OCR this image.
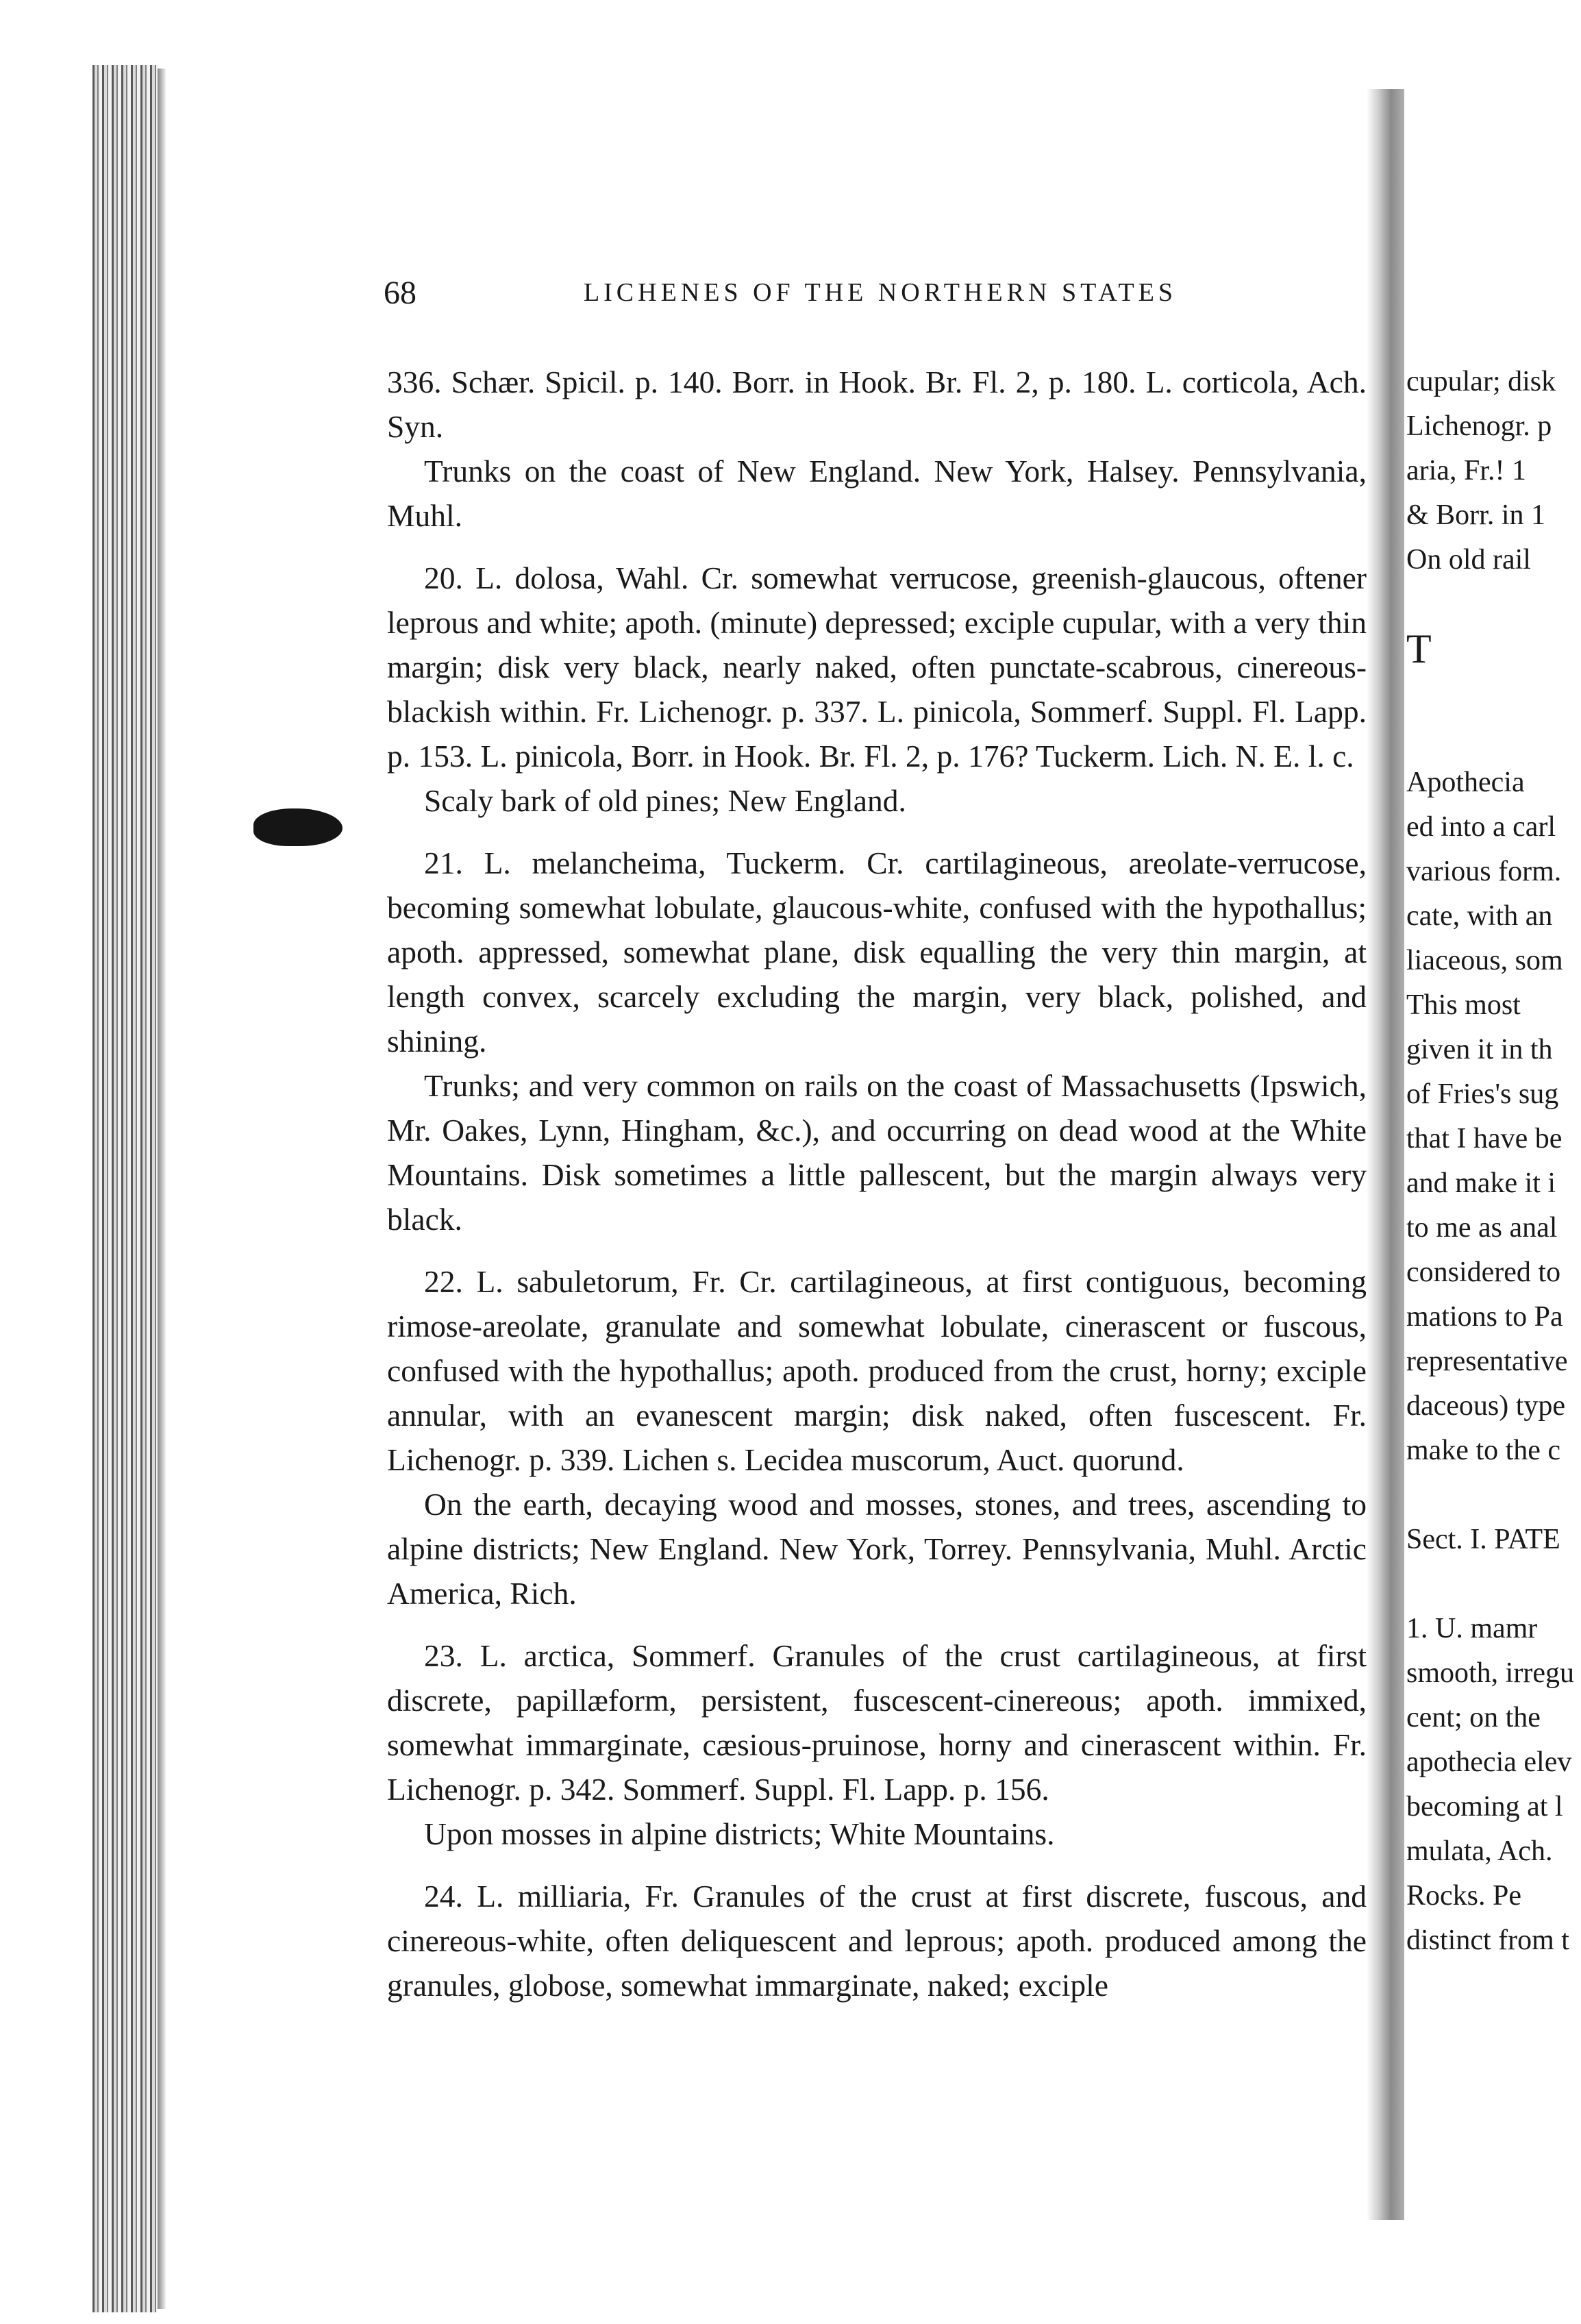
68	LICHENES OF THE NORTHERN STATES

336. Schær. Spicil. p. 140. Borr. in Hook. Br. Fl. 2, p. 180. L. corticola, Ach. Syn.

Trunks on the coast of New England. New York, Halsey. Pennsylvania, Muhl.

20. L. dolosa, Wahl. Cr. somewhat verrucose, greenish-glaucous, oftener leprous and white; apoth. (minute) depressed; exciple cupular, with a very thin margin; disk very black, nearly naked, often punctate-scabrous, cinereous-blackish within. Fr. Lichenogr. p. 337. L. pinicola, Sommerf. Suppl. Fl. Lapp. p. 153. L. pinicola, Borr. in Hook. Br. Fl. 2, p. 176? Tuckerm. Lich. N. E. l. c.

Scaly bark of old pines; New England.

21. L. melancheima, Tuckerm. Cr. cartilagineous, areolate-verrucose, becoming somewhat lobulate, glaucous-white, confused with the hypothallus; apoth. appressed, somewhat plane, disk equalling the very thin margin, at length convex, scarcely excluding the margin, very black, polished, and shining.

Trunks; and very common on rails on the coast of Massachusetts (Ipswich, Mr. Oakes, Lynn, Hingham, &c.), and occurring on dead wood at the White Mountains. Disk sometimes a little pallescent, but the margin always very black.

22. L. sabuletorum, Fr. Cr. cartilagineous, at first contiguous, becoming rimose-areolate, granulate and somewhat lobulate, cinerascent or fuscous, confused with the hypothallus; apoth. produced from the crust, horny; exciple annular, with an evanescent margin; disk naked, often fuscescent. Fr. Lichenogr. p. 339. Lichen s. Lecidea muscorum, Auct. quorund.

On the earth, decaying wood and mosses, stones, and trees, ascending to alpine districts; New England. New York, Torrey. Pennsylvania, Muhl. Arctic America, Rich.

23. L. arctica, Sommerf. Granules of the crust cartilagineous, at first discrete, papillæform, persistent, fuscescent-cinereous; apoth. immixed, somewhat immarginate, cæsious-pruinose, horny and cinerascent within. Fr. Lichenogr. p. 342. Sommerf. Suppl. Fl. Lapp. p. 156.

Upon mosses in alpine districts; White Mountains.

24. L. milliaria, Fr. Granules of the crust at first discrete, fuscous, and cinereous-white, often deliquescent and leprous; apoth. produced among the granules, globose, somewhat immarginate, naked; exciple

cupular; disk
Lichenogr. p
aria, Fr.! 1
& Borr. in 1
On old rail
T
Apothecia
ed into a carl
various form.
cate, with an
liaceous, som
This most
given it in th
of Fries's sug
that I have be
and make it i
to me as anal
considered to
mations to Pa
representative
daceous) type
make to the c
Sect. I. PATE
1. U. mamr
smooth, irregu
cent; on the
apothecia elev
becoming at l
mulata, Ach.
Rocks. Pe
distinct from t
